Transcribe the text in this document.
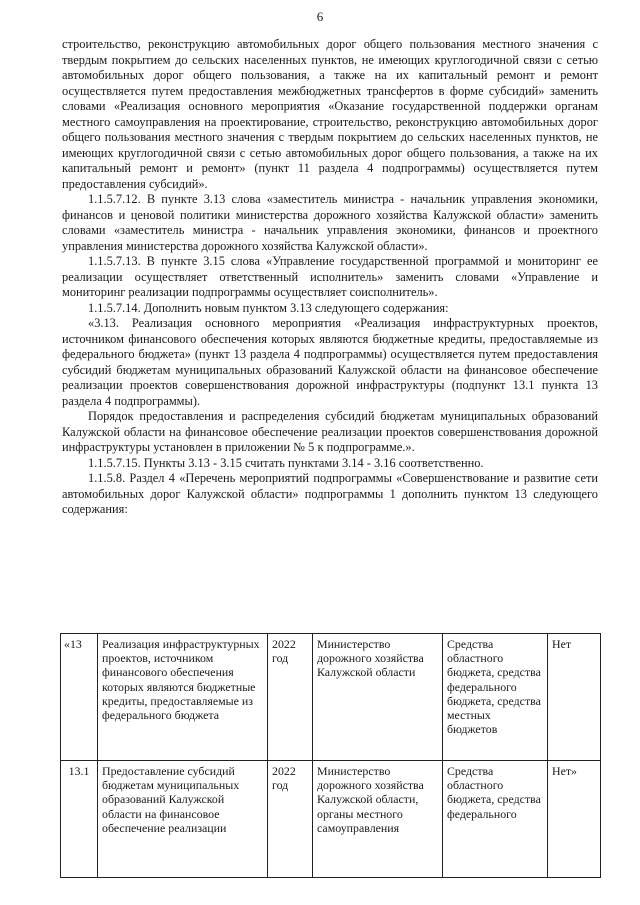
6

строительство, реконструкцию автомобильных дорог общего пользования местного значения с твердым покрытием до сельских населенных пунктов, не имеющих круглогодичной связи с сетью автомобильных дорог общего пользования, а также на их капитальный ремонт и ремонт осуществляется путем предоставления межбюджетных трансфертов в форме субсидий» заменить словами «Реализация основного мероприятия «Оказание государственной поддержки органам местного самоуправления на проектирование, строительство, реконструкцию автомобильных дорог общего пользования местного значения с твердым покрытием до сельских населенных пунктов, не имеющих круглогодичной связи с сетью автомобильных дорог общего пользования, а также на их капитальный ремонт и ремонт» (пункт 11 раздела 4 подпрограммы) осуществляется путем предоставления субсидий».

1.1.5.7.12. В пункте 3.13 слова «заместитель министра - начальник управления экономики, финансов и ценовой политики министерства дорожного хозяйства Калужской области» заменить словами «заместитель министра - начальник управления экономики, финансов и проектного управления министерства дорожного хозяйства Калужской области».

1.1.5.7.13. В пункте 3.15 слова «Управление государственной программой и мониторинг ее реализации осуществляет ответственный исполнитель» заменить словами «Управление и мониторинг реализации подпрограммы осуществляет соисполнитель».

1.1.5.7.14. Дополнить новым пунктом 3.13 следующего содержания:

«3.13. Реализация основного мероприятия «Реализация инфраструктурных проектов, источником финансового обеспечения которых являются бюджетные кредиты, предоставляемые из федерального бюджета» (пункт 13 раздела 4 подпрограммы) осуществляется путем предоставления субсидий бюджетам муниципальных образований Калужской области на финансовое обеспечение реализации проектов совершенствования дорожной инфраструктуры (подпункт 13.1 пункта 13 раздела 4 подпрограммы).

Порядок предоставления и распределения субсидий бюджетам муниципальных образований Калужской области на финансовое обеспечение реализации проектов совершенствования дорожной инфраструктуры установлен в приложении № 5 к подпрограмме.».

1.1.5.7.15. Пункты 3.13 - 3.15 считать пунктами 3.14 - 3.16 соответственно.

1.1.5.8. Раздел 4 «Перечень мероприятий подпрограммы «Совершенствование и развитие сети автомобильных дорог Калужской области» подпрограммы 1 дополнить пунктом 13 следующего содержания:

«13	Реализация инфраструктурных проектов, источником финансового обеспечения которых являются бюджетные кредиты, предоставляемые из федерального бюджета	2022 год	Министерство дорожного хозяйства Калужской области	Средства областного бюджета, средства федерального бюджета, средства местных бюджетов	Нет
13.1	Предоставление субсидий бюджетам муниципальных образований Калужской области на финансовое обеспечение реализации	2022 год	Министерство дорожного хозяйства Калужской области, органы местного самоуправления	Средства областного бюджета, средства федерального	Нет»
